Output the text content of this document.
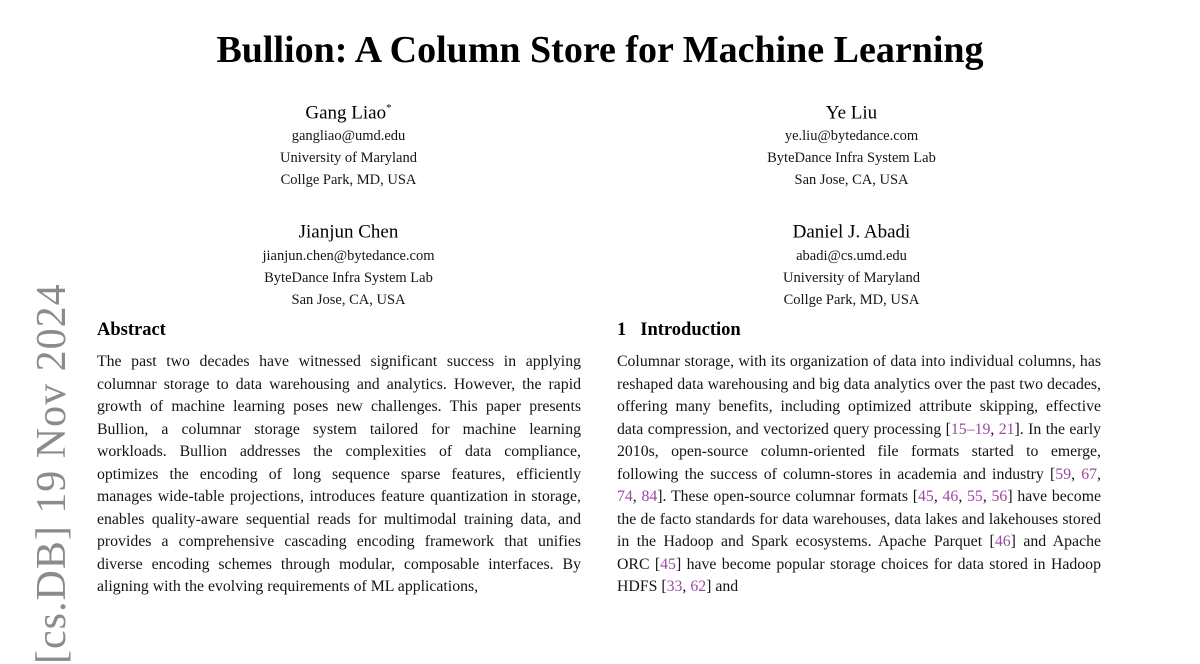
[cs.DB] 19 Nov 2024
Bullion: A Column Store for Machine Learning
Gang Liao*
gangliao@umd.edu
University of Maryland
Collge Park, MD, USA
Ye Liu
ye.liu@bytedance.com
ByteDance Infra System Lab
San Jose, CA, USA
Jianjun Chen
jianjun.chen@bytedance.com
ByteDance Infra System Lab
San Jose, CA, USA
Daniel J. Abadi
abadi@cs.umd.edu
University of Maryland
Collge Park, MD, USA
Abstract

The past two decades have witnessed significant success in applying columnar storage to data warehousing and analytics. However, the rapid growth of machine learning poses new challenges. This paper presents Bullion, a columnar storage system tailored for machine learning workloads. Bullion addresses the complexities of data compliance, optimizes the encoding of long sequence sparse features, efficiently manages wide-table projections, introduces feature quantization in storage, enables quality-aware sequential reads for multimodal training data, and provides a comprehensive cascading encoding framework that unifies diverse encoding schemes through modular, composable interfaces. By aligning with the evolving requirements of ML applications,

1 Introduction

Columnar storage, with its organization of data into individual columns, has reshaped data warehousing and big data analytics over the past two decades, offering many benefits, including optimized attribute skipping, effective data compression, and vectorized query processing [15–19, 21]. In the early 2010s, open-source column-oriented file formats started to emerge, following the success of column-stores in academia and industry [59, 67, 74, 84]. These open-source columnar formats [45, 46, 55, 56] have become the de facto standards for data warehouses, data lakes and lakehouses stored in the Hadoop and Spark ecosystems. Apache Parquet [46] and Apache ORC [45] have become popular storage choices for data stored in Hadoop HDFS [33, 62] and
